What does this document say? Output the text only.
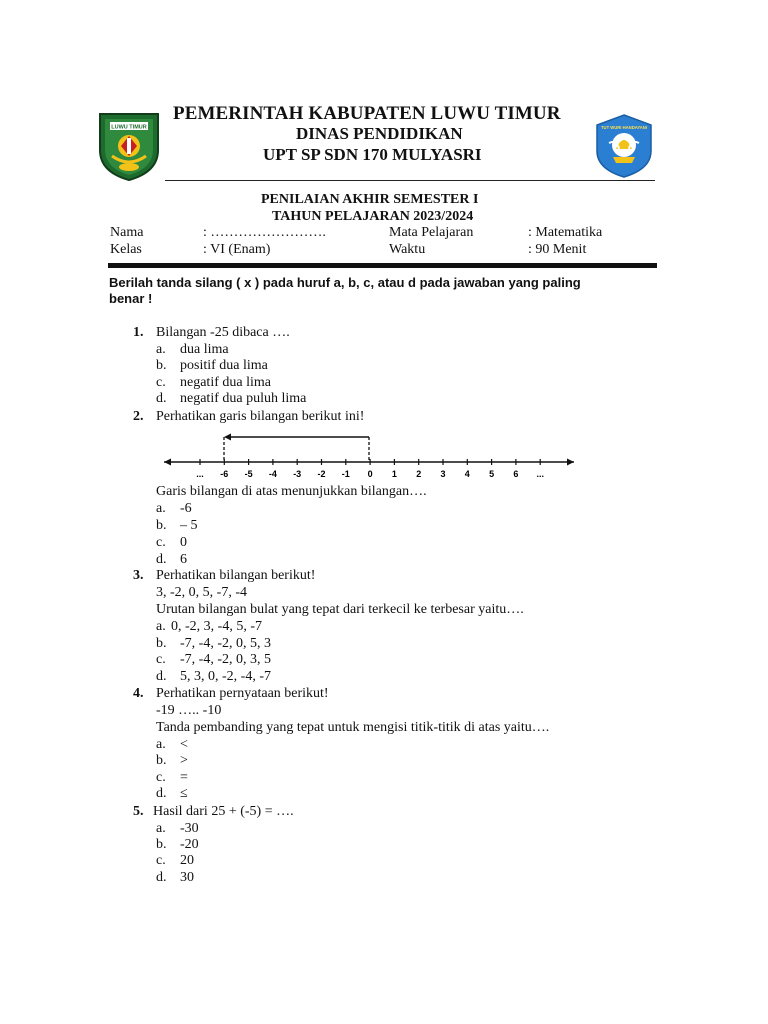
LUWU TIMUR
PEMERINTAH KABUPATEN LUWU TIMUR
DINAS PENDIDIKAN
UPT SP SDN 170 MULYASRI
TUT WURI HANDAYANI
PENILAIAN AKHIR SEMESTER I
TAHUN PELAJARAN 2023/2024
Nama	: …………………….	Mata Pelajaran	: Matematika
Kelas	: VI (Enam)	Waktu	: 90 Menit
Berilah tanda silang ( x ) pada huruf a, b, c, atau d pada jawaban yang paling
benar !
1. Bilangan -25 dibaca ….
a. dua lima
b. positif dua lima
c. negatif dua lima
d. negatif dua puluh lima
2. Perhatikan garis bilangan berikut ini!
... -6 -5 -4 -3 -2 -1 0 1 2 3 4 5 6 ...
Garis bilangan di atas menunjukkan bilangan….
a. -6
b. – 5
c. 0
d. 6
3. Perhatikan bilangan berikut!
3, -2, 0, 5, -7, -4
Urutan bilangan bulat yang tepat dari terkecil ke terbesar yaitu….
a. 0, -2, 3, -4, 5, -7
b. -7, -4, -2, 0, 5, 3
c. -7, -4, -2, 0, 3, 5
d. 5, 3, 0, -2, -4, -7
4. Perhatikan pernyataan berikut!
-19 ….. -10
Tanda pembanding yang tepat untuk mengisi titik-titik di atas yaitu….
a. <
b. >
c. =
d. ≤
5. Hasil dari 25 + (-5) = ….
a. -30
b. -20
c. 20
d. 30
